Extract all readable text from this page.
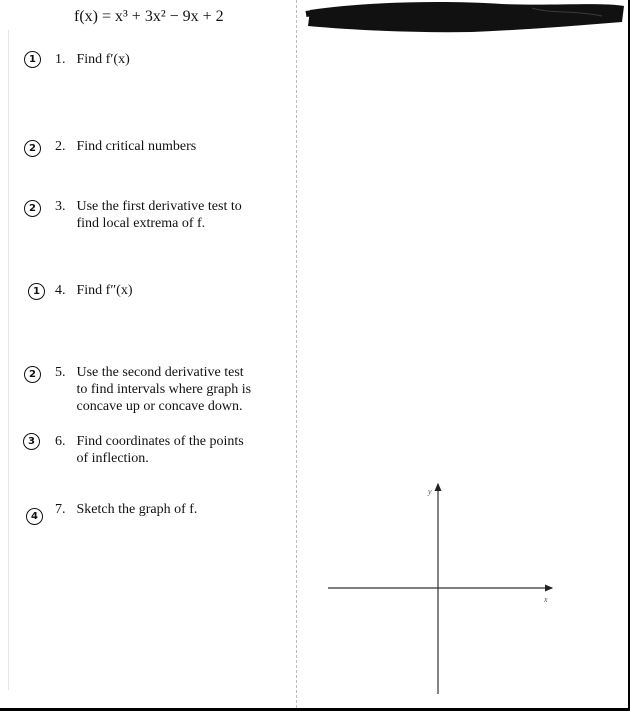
f(x) = x³ + 3x² − 9x + 2
1	1. Find f′(x)
2	2. Find critical numbers
2	3. Use the first derivative test to
find local extrema of f.
1	4. Find f″(x)
2	5. Use the second derivative test
to find intervals where graph is
concave up or concave down.
3	6. Find coordinates of the points
of inflection.
4	7. Sketch the graph of f.
y
x
